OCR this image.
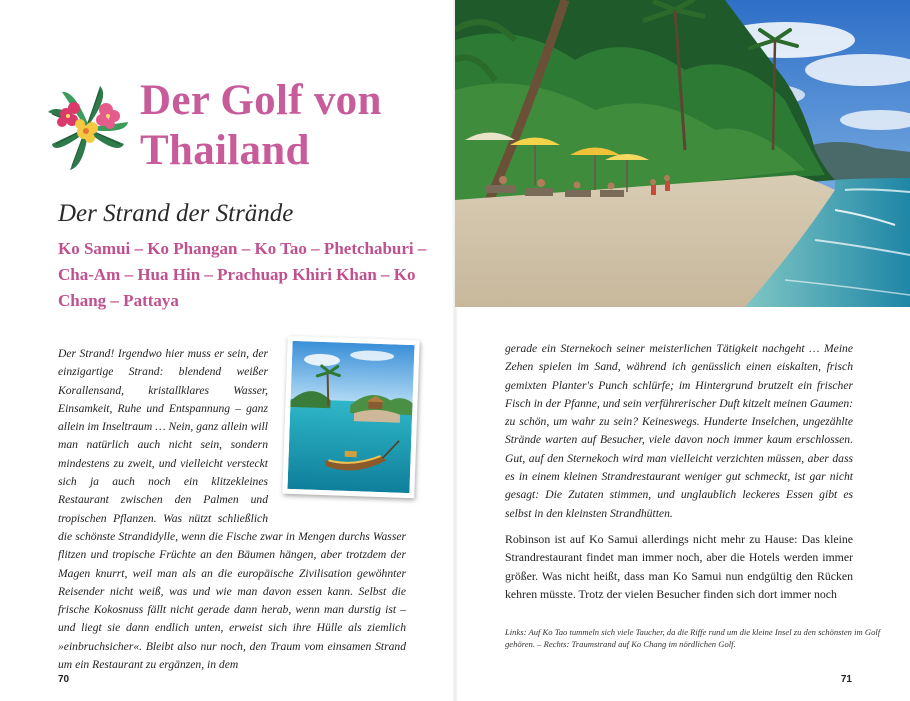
Der Golf von Thailand
Der Strand der Strände
Ko Samui – Ko Phangan – Ko Tao – Phetchaburi – Cha-Am – Hua Hin – Prachuap Khiri Khan – Ko Chang – Pattaya

Der Strand! Irgendwo hier muss er sein, der einzigartige Strand: blendend weißer Korallensand, kristallklares Wasser, Einsamkeit, Ruhe und Entspannung – ganz allein im Inseltraum … Nein, ganz allein will man natürlich auch nicht sein, sondern mindestens zu zweit, und vielleicht versteckt sich ja auch noch ein klitzekleines Restaurant zwischen den Palmen und tropischen Pflanzen. Was nützt schließlich die schönste Strandidylle, wenn die Fische zwar in Mengen durchs Wasser flitzen und tropische Früchte an den Bäumen hängen, aber trotzdem der Magen knurrt, weil man als an die europäische Zivilisation gewöhnter Reisender nicht weiß, was und wie man davon essen kann. Selbst die frische Kokosnuss fällt nicht gerade dann herab, wenn man durstig ist – und liegt sie dann endlich unten, erweist sich ihre Hülle als ziemlich »einbruchsicher«. Bleibt also nur noch, den Traum vom einsamen Strand um ein Restaurant zu ergänzen, in dem

70

gerade ein Sternekoch seiner meisterlichen Tätigkeit nachgeht … Meine Zehen spielen im Sand, während ich genüsslich einen eiskalten, frisch gemixten Planter's Punch schlürfe; im Hintergrund brutzelt ein frischer Fisch in der Pfanne, und sein verführerischer Duft kitzelt meinen Gaumen: zu schön, um wahr zu sein? Keineswegs. Hunderte Inselchen, ungezählte Strände warten auf Besucher, viele davon noch immer kaum erschlossen. Gut, auf den Sternekoch wird man vielleicht verzichten müssen, aber dass es in einem kleinen Strandrestaurant weniger gut schmeckt, ist gar nicht gesagt: Die Zutaten stimmen, und unglaublich leckeres Essen gibt es selbst in den kleinsten Strandhütten.

Robinson ist auf Ko Samui allerdings nicht mehr zu Hause: Das kleine Strandrestaurant findet man immer noch, aber die Hotels werden immer größer. Was nicht heißt, dass man Ko Samui nun endgültig den Rücken kehren müsste. Trotz der vielen Besucher finden sich dort immer noch

Links: Auf Ko Tao tummeln sich viele Taucher, da die Riffe rund um die kleine Insel zu den schönsten im Golf gehören. – Rechts: Traumstrand auf Ko Chang im nördlichen Golf.

71
